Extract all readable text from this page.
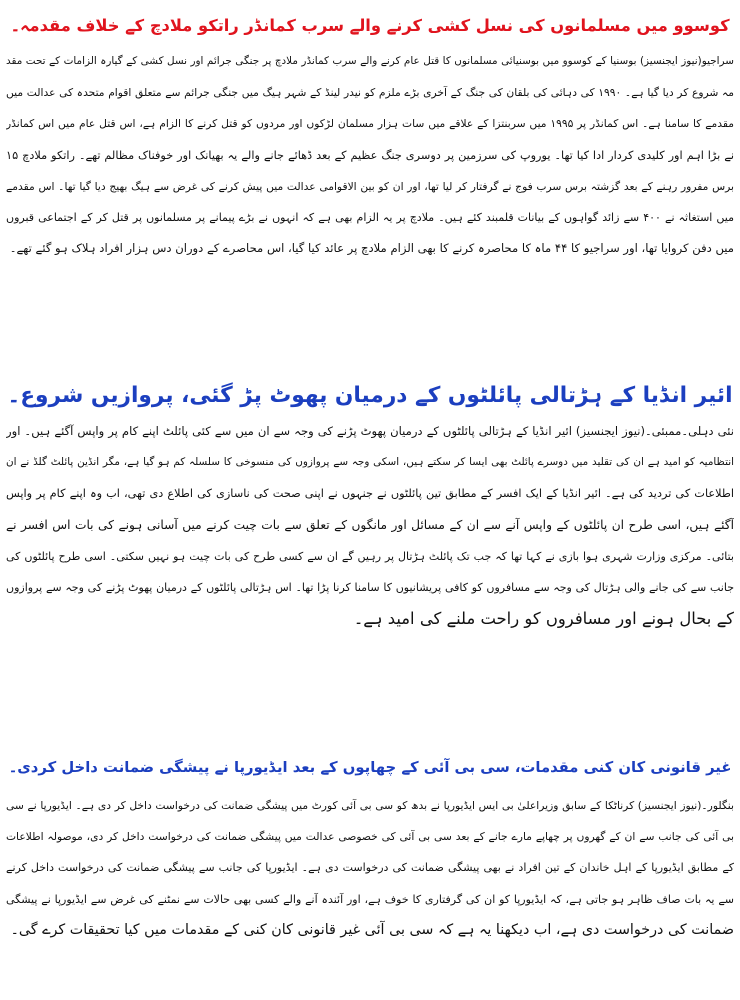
کوسوو میں مسلمانوں کی نسل کشی کرنے والے سرب کمانڈر راتکو ملادچ کے خلاف مقدمہ۔
سراجیو(نیوز ایجنسیز) بوسنیا کے کوسوو میں بوسنیائی مسلمانوں کا قتل عام کرنے والے سرب کمانڈر ملادچ پر جنگی جرائم اور نسل کشی کے گیارہ الزامات کے تحت مقد
مہ شروع کر دیا گیا ہے۔ ۱۹۹۰ کی دہائی کی بلقان کی جنگ کے آخری بڑے ملزم کو نیدر لینڈ کے شہر ہیگ میں جنگی جرائم سے متعلق اقوام متحدہ کی عدالت میں
مقدمے کا سامنا ہے۔ اس کمانڈر پر ۱۹۹۵ میں سربنتزا کے علاقے میں سات ہزار مسلمان لڑکوں اور مردوں کو قتل کرنے کا الزام ہے، اس قتل عام میں اس کمانڈر
نے بڑا اہم اور کلیدی کردار ادا کیا تھا۔ یوروپ کی سرزمین پر دوسری جنگ عظیم کے بعد ڈھائے جانے والے یہ بھیانک اور خوفناک مظالم تھے۔ راتکو ملادچ ۱۵
برس مفرور رہنے کے بعد گزشتہ برس سرب فوج نے گرفتار کر لیا تھا، اور ان کو بین الاقوامی عدالت میں پیش کرنے کی غرض سے ہیگ بھیج دیا گیا تھا۔ اس مقدمے
میں استغاثہ نے ۴۰۰ سے زائد گواہوں کے بیانات قلمبند کئے ہیں۔ ملادچ پر یہ الزام بھی ہے کہ انہوں نے بڑے پیمانے پر مسلمانوں پر قتل کر کے اجتماعی قبروں
میں دفن کروایا تھا، اور سراجیو کا ۴۴ ماہ کا محاصرہ کرنے کا بھی الزام ملادچ پر عائد کیا گیا، اس محاصرے کے دوران دس ہزار افراد ہلاک ہو گئے تھے۔
ائیر انڈیا کے ہڑتالی پائلٹوں کے درمیان پھوٹ پڑ گئی، پروازیں شروع۔
نئی دہلی۔ممبئی۔(نیوز ایجنسیز) ائیر انڈیا کے ہڑتالی پائلٹوں کے درمیان پھوٹ پڑنے کی وجہ سے ان میں سے کئی پائلٹ اپنے کام پر واپس آگئے ہیں۔ اور
انتظامیہ کو امید ہے ان کی تقلید میں دوسرے پائلٹ بھی ایسا کر سکتے ہیں، اسکی وجہ سے پروازوں کی منسوخی کا سلسلہ کم ہو گیا ہے، مگر انڈین پائلٹ گلڈ نے ان
اطلاعات کی تردید کی ہے۔ ائیر انڈیا کے ایک افسر کے مطابق تین پائلٹوں نے جنہوں نے اپنی صحت کی ناسازی کی اطلاع دی تھی، اب وہ اپنے کام پر واپس
آگئے ہیں، اسی طرح ان پائلٹوں کے واپس آنے سے ان کے مسائل اور مانگوں کے تعلق سے بات چیت کرنے میں آسانی ہونے کی بات اس افسر نے
بتائی۔ مرکزی وزارت شہری ہوا بازی نے کہا تھا کہ جب تک پائلٹ ہڑتال پر رہیں گے ان سے کسی طرح کی بات چیت ہو نہیں سکتی۔ اسی طرح پائلٹوں کی
جانب سے کی جانے والی ہڑتال کی وجہ سے مسافروں کو کافی پریشانیوں کا سامنا کرنا پڑا تھا۔ اس ہڑتالی پائلٹوں کے درمیان پھوٹ پڑنے کی وجہ سے پروازوں
کے بحال ہونے اور مسافروں کو راحت ملنے کی امید ہے۔
غیر قانونی کان کنی مقدمات، سی بی آئی کے چھاپوں کے بعد ایڈیورپا نے پیشگی ضمانت داخل کردی۔
بنگلور۔(نیوز ایجنسیز) کرناٹکا کے سابق وزیراعلیٰ بی ایس ایڈیورپا نے بدھ کو سی بی آئی کورٹ میں پیشگی ضمانت کی درخواست داخل کر دی ہے۔ ایڈیورپا نے سی
بی آئی کی جانب سے ان کے گھروں پر چھاپے مارے جانے کے بعد سی بی آئی کی خصوصی عدالت میں پیشگی ضمانت کی درخواست داخل کر دی، موصولہ اطلاعات
کے مطابق ایڈیورپا کے اہل خاندان کے تین افراد نے بھی پیشگی ضمانت کی درخواست دی ہے۔ ایڈیورپا کی جانب سے پیشگی ضمانت کی درخواست داخل کرنے
سے یہ بات صاف ظاہر ہو جاتی ہے، کہ ایڈیورپا کو ان کی گرفتاری کا خوف ہے، اور آئندہ آنے والے کسی بھی حالات سے نمٹنے کی غرض سے ایڈیورپا نے پیشگی
ضمانت کی درخواست دی ہے، اب دیکھنا یہ ہے کہ سی بی آئی غیر قانونی کان کنی کے مقدمات میں کیا تحقیقات کرے گی۔
